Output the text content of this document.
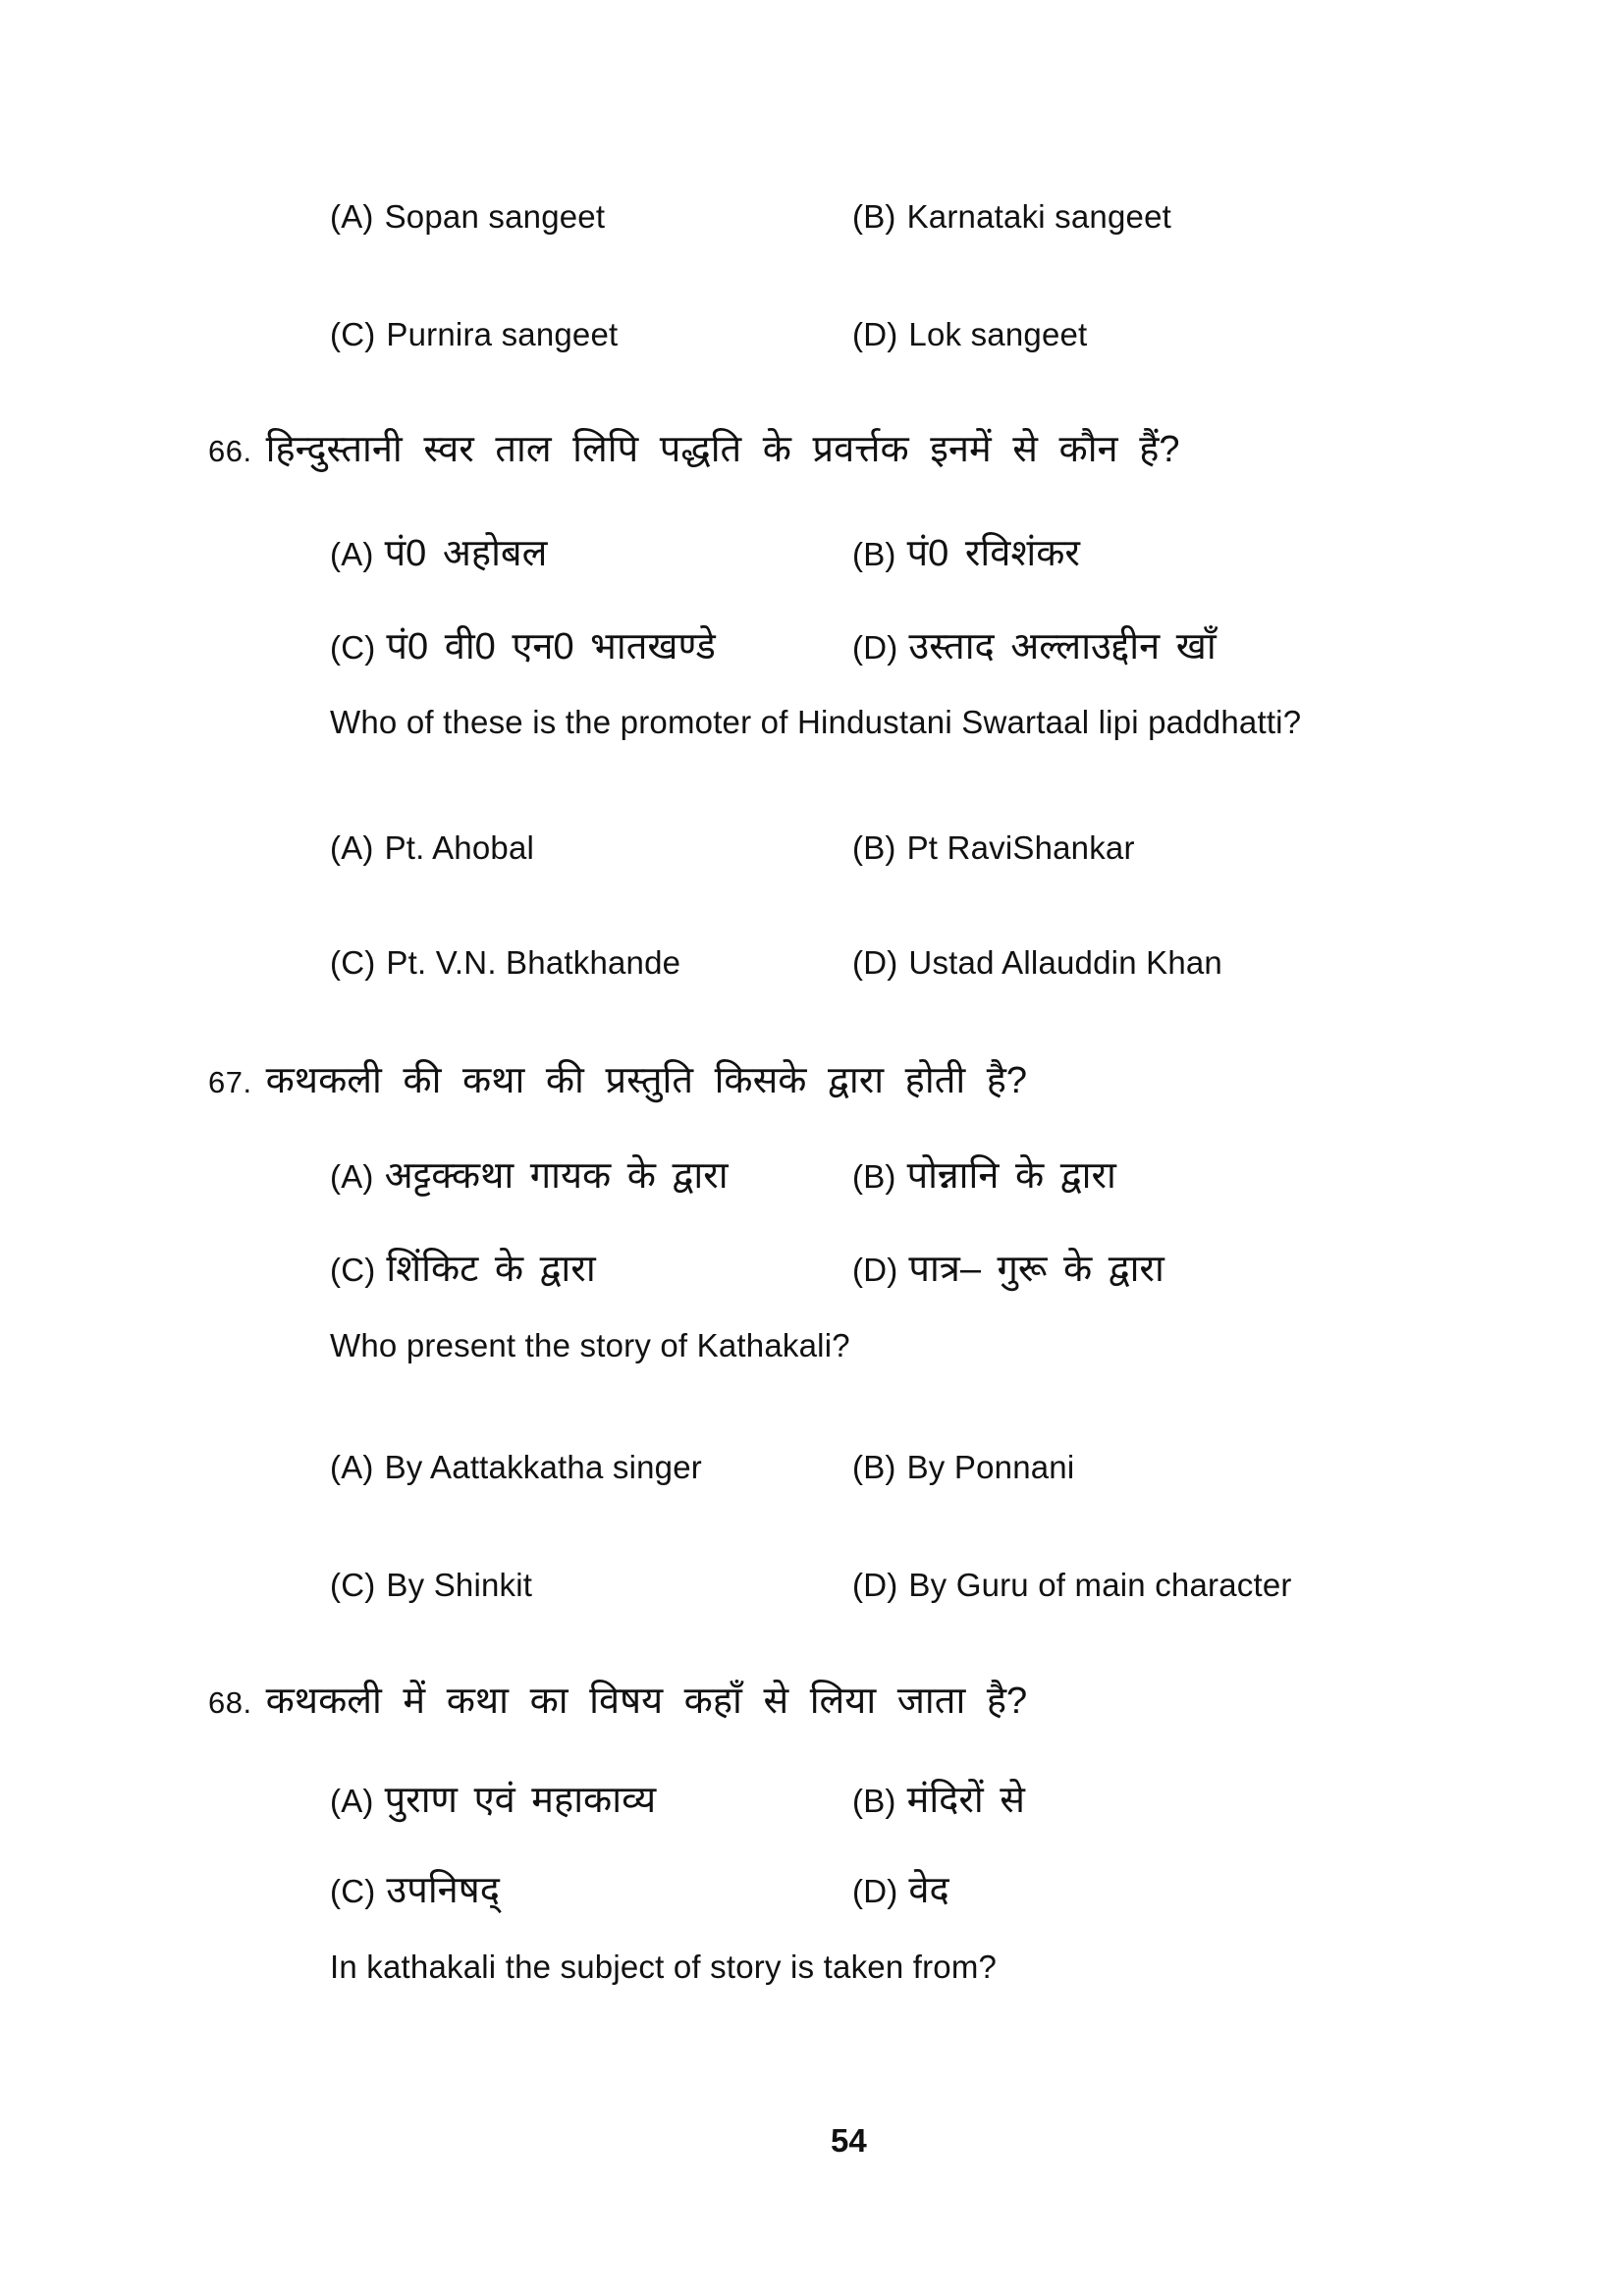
(A) Sopan sangeet	(B) Karnataki sangeet
(C) Purnira sangeet	(D) Lok sangeet
66. हिन्दुस्तानी स्वर ताल लिपि पद्धति के प्रवर्त्तक इनमें से कौन हैं?
(A) पं0 अहोबल	(B) पं0 रविशंकर
(C) पं0 वी0 एन0 भातखण्डे	(D) उस्ताद अल्लाउद्दीन खाँ
Who of these is the promoter of Hindustani Swartaal lipi paddhatti?
(A) Pt. Ahobal	(B) Pt RaviShankar
(C) Pt. V.N. Bhatkhande	(D) Ustad Allauddin Khan
67. कथकली की कथा की प्रस्तुति किसके द्वारा होती है?
(A) अट्टक्कथा गायक के द्वारा	(B) पोन्नानि के द्वारा
(C) शिंकिट के द्वारा	(D) पात्र– गुरू के द्वारा
Who present the story of Kathakali?
(A) By Aattakkatha singer	(B) By Ponnani
(C) By Shinkit	(D) By Guru of main character
68. कथकली में कथा का विषय कहाँ से लिया जाता है?
(A) पुराण एवं महाकाव्य	(B) मंदिरों से
(C) उपनिषद्	(D) वेद
In kathakali the subject of story is taken from?
54
